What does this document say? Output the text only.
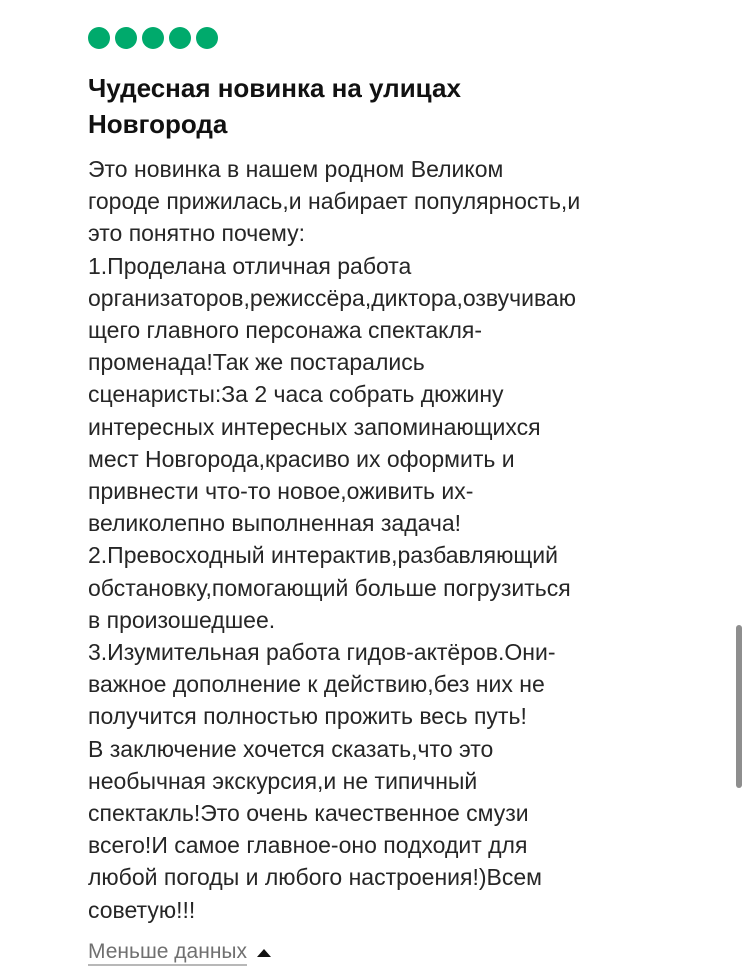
Чудесная новинка на улицах
Новгорода
Это новинка в нашем родном Великом
городе прижилась,и набирает популярность,и
это понятно почему:
1.Проделана отличная работа
организаторов,режиссёра,диктора,озвучиваю
щего главного персонажа спектакля-
променада!Так же постарались
сценаристы:За 2 часа собрать дюжину
интересных интересных запоминающихся
мест Новгорода,красиво их оформить и
привнести что-то новое,оживить их-
великолепно выполненная задача!
2.Превосходный интерактив,разбавляющий
обстановку,помогающий больше погрузиться
в произошедшее.
3.Изумительная работа гидов-актёров.Они-
важное дополнение к действию,без них не
получится полностью прожить весь путь!
В заключение хочется сказать,что это
необычная экскурсия,и не типичный
спектакль!Это очень качественное смузи
всего!И самое главное-оно подходит для
любой погоды и любого настроения!)Всем
советую!!!
Меньше данных
